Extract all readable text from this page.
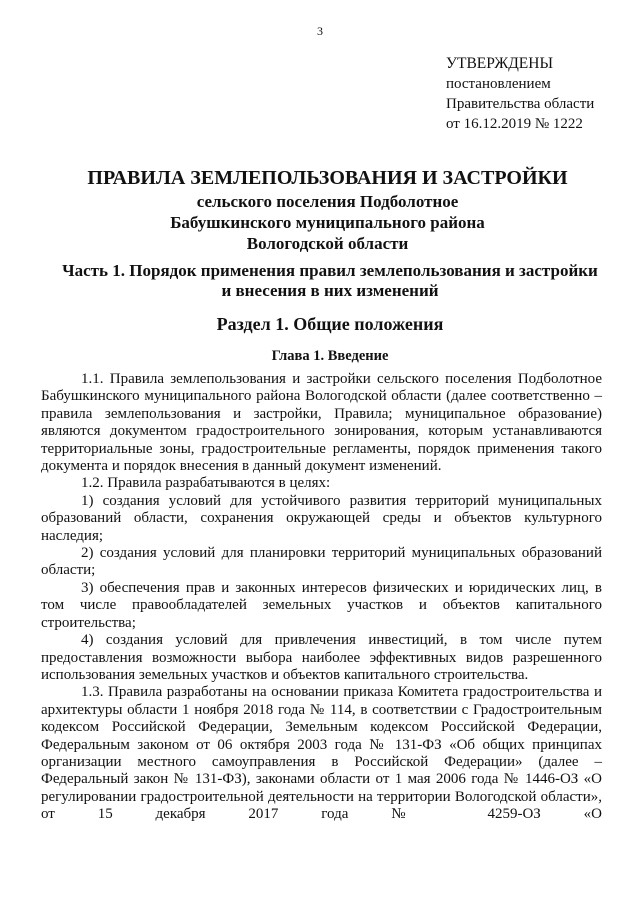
3
УТВЕРЖДЕНЫ
постановлением
Правительства области
от 16.12.2019 № 1222
ПРАВИЛА ЗЕМЛЕПОЛЬЗОВАНИЯ И ЗАСТРОЙКИ
сельского поселения Подболотное
Бабушкинского муниципального района
Вологодской области
Часть 1. Порядок применения правил землепользования и застройки
и внесения в них изменений
Раздел 1. Общие положения
Глава 1. Введение

1.1. Правила землепользования и застройки сельского поселения Подболотное Бабушкинского муниципального района Вологодской области (далее соответственно – правила землепользования и застройки, Правила; муниципальное образование) являются документом градостроительного зонирования, которым устанавливаются территориальные зоны, градостроительные регламенты, порядок применения такого документа и порядок внесения в данный документ изменений.

1.2. Правила разрабатываются в целях:

1) создания условий для устойчивого развития территорий муниципальных образований области, сохранения окружающей среды и объектов культурного наследия;

2) создания условий для планировки территорий муниципальных образований области;

3) обеспечения прав и законных интересов физических и юридических лиц, в том числе правообладателей земельных участков и объектов капитального строительства;

4) создания условий для привлечения инвестиций, в том числе путем предоставления возможности выбора наиболее эффективных видов разрешенного использования земельных участков и объектов капитального строительства.

1.3. Правила разработаны на основании приказа Комитета градостроительства и архитектуры области 1 ноября 2018 года № 114, в соответствии с Градостроительным кодексом Российской Федерации, Земельным кодексом Российской Федерации, Федеральным законом от 06 октября 2003 года № 131-ФЗ «Об общих принципах организации местного самоуправления в Российской Федерации» (далее – Федеральный закон № 131-ФЗ), законами области от 1 мая 2006 года № 1446-ОЗ «О регулировании градостроительной деятельности на территории Вологодской области», от 15 декабря 2017 года № 4259-ОЗ «О
